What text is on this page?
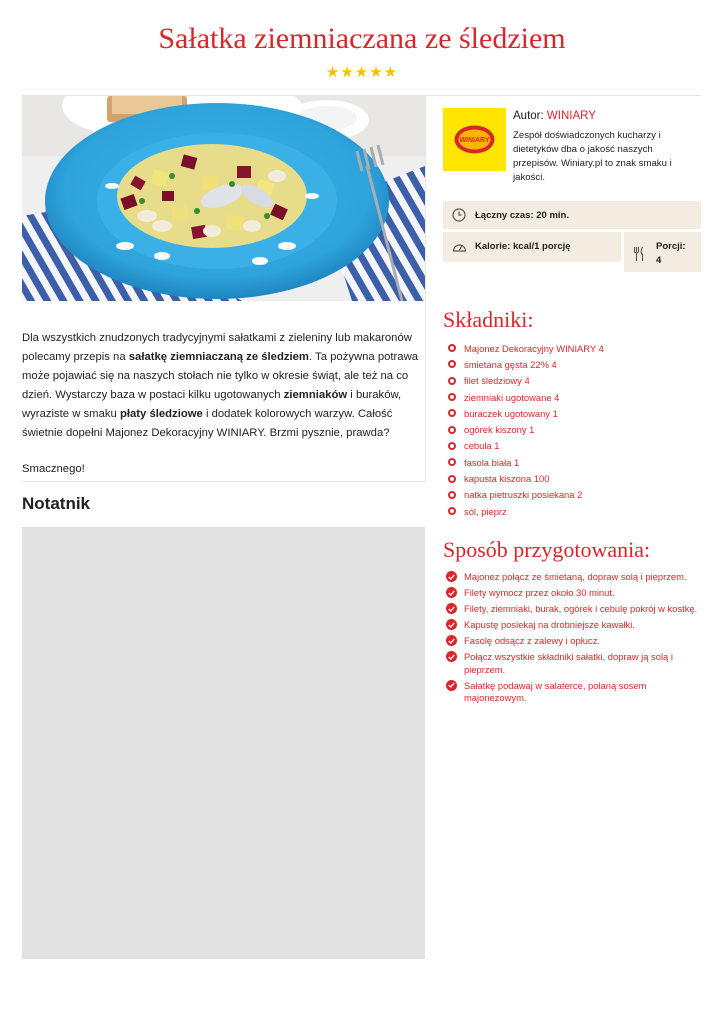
Sałatka ziemniaczana ze śledziem
★★★★★

Dla wszystkich znudzonych tradycyjnymi sałatkami z zieleniny lub makaronów polecamy przepis na sałatkę ziemniaczaną ze śledziem. Ta pożywna potrawa może pojawiać się na naszych stołach nie tylko w okresie świąt, ale też na co dzień. Wystarczy baza w postaci kilku ugotowanych ziemniaków i buraków, wyraziste w smaku płaty śledziowe i dodatek kolorowych warzyw. Całość świetnie dopełni Majonez Dekoracyjny WINIARY. Brzmi pysznie, prawda?

Smacznego!

Notatnik
WINIARY
Autor: WINIARY
Zespół doświadczonych kucharzy i dietetyków dba o jakość naszych przepisów. Winiary.pl to znak smaku i jakości.
Łączny czas: 20 min.
Kalorie: kcal/1 porcję	Porcji:
4
Składniki:
Majonez Dekoracyjny WINIARY 4
śmietana gęsta 22% 4
filet śledziowy 4
ziemniaki ugotowane 4
buraczek ugotowany 1
ogórek kiszony 1
cebula 1
fasola biała 1
kapusta kiszona 100
natka pietruszki posiekana 2
sól, pieprz
Sposób przygotowania:
Majonez połącz ze śmietaną, dopraw solą i pieprzem.
Filety wymocz przez około 30 minut.
Filety, ziemniaki, burak, ogórek i cebulę pokrój w kostkę.
Kapustę posiekaj na drobniejsze kawałki.
Fasolę odsącz z zalewy i opłucz.
Połącz wszystkie składniki sałatki, dopraw ją solą i pieprzem.
Sałatkę podawaj w salaterce, polaną sosem majonezowym.
